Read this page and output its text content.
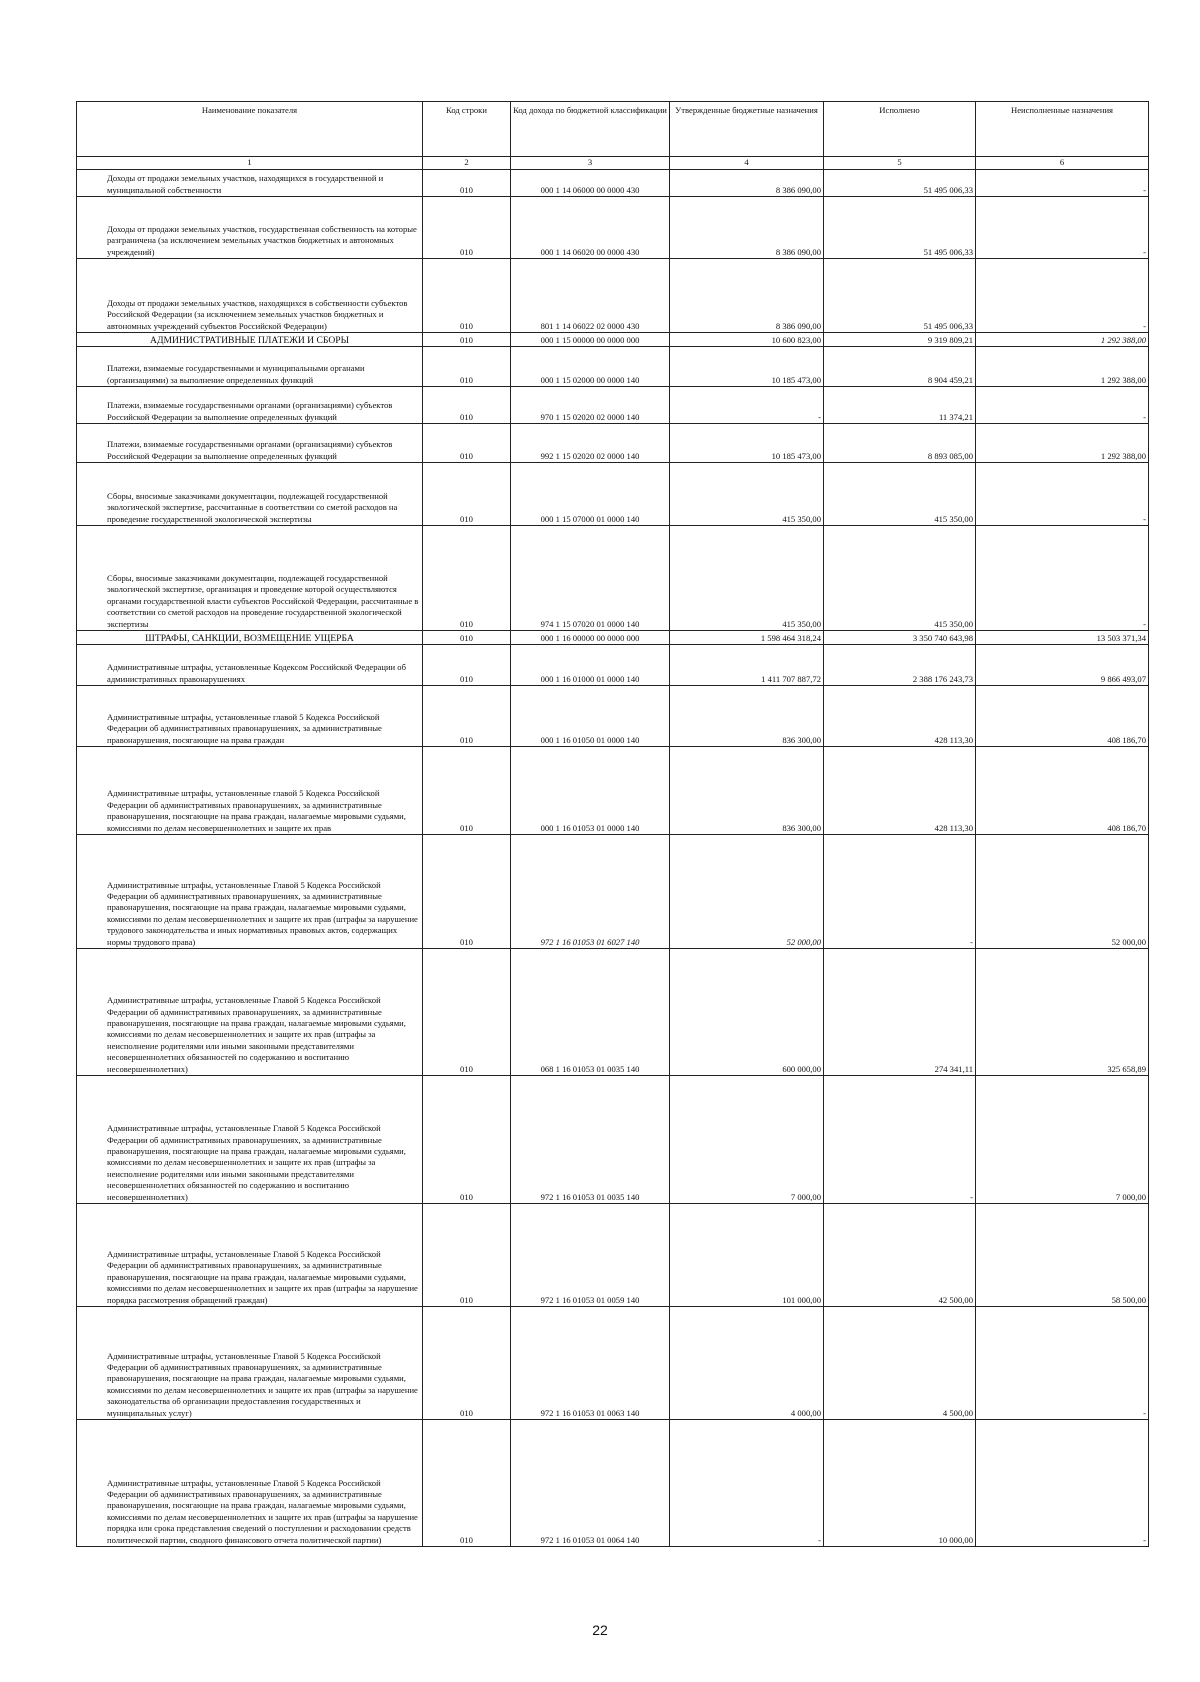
Наименование показателя	Код строки	Код дохода по бюджетной классификации	Утвержденные бюджетные назначения	Исполнено	Неисполненные назначения
1	2	3	4	5	6
Доходы от продажи земельных участков, находящихся в государственной и муниципальной собственности	010	000 1 14 06000 00 0000 430	8 386 090,00	51 495 006,33	-
Доходы от продажи земельных участков, государственная собственность на которые разграничена (за исключением земельных участков бюджетных и автономных учреждений)	010	000 1 14 06020 00 0000 430	8 386 090,00	51 495 006,33	-
Доходы от продажи земельных участков, находящихся в собственности субъектов Российской Федерации (за исключением земельных участков бюджетных и автономных учреждений субъектов Российской Федерации)	010	801 1 14 06022 02 0000 430	8 386 090,00	51 495 006,33	-
АДМИНИСТРАТИВНЫЕ ПЛАТЕЖИ И СБОРЫ	010	000 1 15 00000 00 0000 000	10 600 823,00	9 319 809,21	1 292 388,00
Платежи, взимаемые государственными и муниципальными органами (организациями) за выполнение определенных функций	010	000 1 15 02000 00 0000 140	10 185 473,00	8 904 459,21	1 292 388,00
Платежи, взимаемые государственными органами (организациями) субъектов Российской Федерации за выполнение определенных функций	010	970 1 15 02020 02 0000 140	-	11 374,21	-
Платежи, взимаемые государственными органами (организациями) субъектов Российской Федерации за выполнение определенных функций	010	992 1 15 02020 02 0000 140	10 185 473,00	8 893 085,00	1 292 388,00
Сборы, вносимые заказчиками документации, подлежащей государственной экологической экспертизе, рассчитанные в соответствии со сметой расходов на проведение государственной экологической экспертизы	010	000 1 15 07000 01 0000 140	415 350,00	415 350,00	-
Сборы, вносимые заказчиками документации, подлежащей государственной экологической экспертизе, организация и проведение которой осуществляются органами государственной власти субъектов Российской Федерации, рассчитанные в соответствии со сметой расходов на проведение государственной экологической экспертизы	010	974 1 15 07020 01 0000 140	415 350,00	415 350,00	-
ШТРАФЫ, САНКЦИИ, ВОЗМЕЩЕНИЕ УЩЕРБА	010	000 1 16 00000 00 0000 000	1 598 464 318,24	3 350 740 643,98	13 503 371,34
Административные штрафы, установленные Кодексом Российской Федерации об административных правонарушениях	010	000 1 16 01000 01 0000 140	1 411 707 887,72	2 388 176 243,73	9 866 493,07
Административные штрафы, установленные главой 5 Кодекса Российской Федерации об административных правонарушениях, за административные правонарушения, посягающие на права граждан	010	000 1 16 01050 01 0000 140	836 300,00	428 113,30	408 186,70
Административные штрафы, установленные главой 5 Кодекса Российской Федерации об административных правонарушениях, за административные правонарушения, посягающие на права граждан, налагаемые мировыми судьями, комиссиями по делам несовершеннолетних и защите их прав	010	000 1 16 01053 01 0000 140	836 300,00	428 113,30	408 186,70
Административные штрафы, установленные Главой 5 Кодекса Российской Федерации об административных правонарушениях, за административные правонарушения, посягающие на права граждан, налагаемые мировыми судьями, комиссиями по делам несовершеннолетних и защите их прав (штрафы за нарушение трудового законодательства и иных нормативных правовых актов, содержащих нормы трудового права)	010	972 1 16 01053 01 6027 140	52 000,00	-	52 000,00
Административные штрафы, установленные Главой 5 Кодекса Российской Федерации об административных правонарушениях, за административные правонарушения, посягающие на права граждан, налагаемые мировыми судьями, комиссиями по делам несовершеннолетних и защите их прав (штрафы за неисполнение родителями или иными законными представителями несовершеннолетних обязанностей по содержанию и воспитанию несовершеннолетних)	010	068 1 16 01053 01 0035 140	600 000,00	274 341,11	325 658,89
Административные штрафы, установленные Главой 5 Кодекса Российской Федерации об административных правонарушениях, за административные правонарушения, посягающие на права граждан, налагаемые мировыми судьями, комиссиями по делам несовершеннолетних и защите их прав (штрафы за неисполнение родителями или иными законными представителями несовершеннолетних обязанностей по содержанию и воспитанию несовершеннолетних)	010	972 1 16 01053 01 0035 140	7 000,00	-	7 000,00
Административные штрафы, установленные Главой 5 Кодекса Российской Федерации об административных правонарушениях, за административные правонарушения, посягающие на права граждан, налагаемые мировыми судьями, комиссиями по делам несовершеннолетних и защите их прав (штрафы за нарушение порядка рассмотрения обращений граждан)	010	972 1 16 01053 01 0059 140	101 000,00	42 500,00	58 500,00
Административные штрафы, установленные Главой 5 Кодекса Российской Федерации об административных правонарушениях, за административные правонарушения, посягающие на права граждан, налагаемые мировыми судьями, комиссиями по делам несовершеннолетних и защите их прав (штрафы за нарушение законодательства об организации предоставления государственных и муниципальных услуг)	010	972 1 16 01053 01 0063 140	4 000,00	4 500,00	-
Административные штрафы, установленные Главой 5 Кодекса Российской Федерации об административных правонарушениях, за административные правонарушения, посягающие на права граждан, налагаемые мировыми судьями, комиссиями по делам несовершеннолетних и защите их прав (штрафы за нарушение порядка или срока представления сведений о поступлении и расходовании средств политической партии, сводного финансового отчета политической партии)	010	972 1 16 01053 01 0064 140	-	10 000,00	-
22
